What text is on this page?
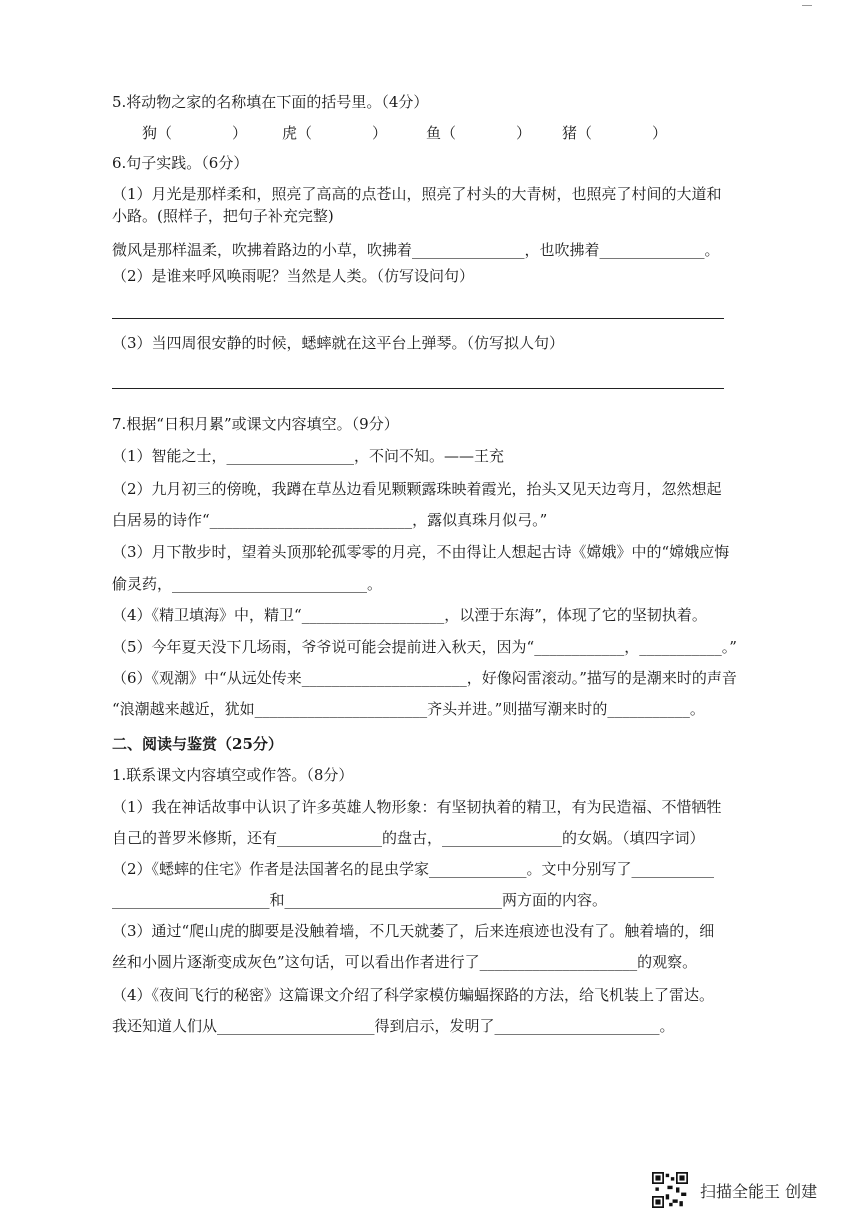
5.将动物之家的名称填在下面的括号里。（4分）
狗（　　　　） 虎（　　　　）	鱼（　　　　） 猪（　　　　）
6.句子实践。（6分）
（1）月光是那样柔和，照亮了高高的点苍山，照亮了村头的大青树，也照亮了村间的大道和
小路。(照样子，把句子补充完整)
微风是那样温柔，吹拂着路边的小草，吹拂着_______________，也吹拂着______________。
（2）是谁来呼风唤雨呢？当然是人类。（仿写设问句）
（3）当四周很安静的时候，蟋蟀就在这平台上弹琴。（仿写拟人句）
7.根据“日积月累”或课文内容填空。（9分）
（1）智能之士，_________________，不问不知。——王充
（2）九月初三的傍晚，我蹲在草丛边看见颗颗露珠映着霞光，抬头又见天边弯月，忽然想起
白居易的诗作“___________________________，露似真珠月似弓。”
（3）月下散步时，望着头顶那轮孤零零的月亮，不由得让人想起古诗《嫦娥》中的“嫦娥应悔
偷灵药，__________________________。
（4）《精卫填海》中，精卫“___________________，以湮于东海”，体现了它的坚韧执着。
（5）今年夏天没下几场雨，爷爷说可能会提前进入秋天，因为“____________，___________。”
（6）《观潮》中“从远处传来______________________，好像闷雷滚动。”描写的是潮来时的声音
“浪潮越来越近，犹如_______________________齐头并进。”则描写潮来时的___________。
二、阅读与鉴赏（25分）
1.联系课文内容填空或作答。（8分）
（1）我在神话故事中认识了许多英雄人物形象：有坚韧执着的精卫，有为民造福、不惜牺牲
自己的普罗米修斯，还有______________的盘古，________________的女娲。（填四字词）
（2）《蟋蟀的住宅》作者是法国著名的昆虫学家_____________。文中分别写了___________
_____________________和_____________________________两方面的内容。
（3）通过“爬山虎的脚要是没触着墙，不几天就萎了，后来连痕迹也没有了。触着墙的，细
丝和小圆片逐渐变成灰色”这句话，可以看出作者进行了_____________________的观察。
（4）《夜间飞行的秘密》这篇课文介绍了科学家模仿蝙蝠探路的方法，给飞机装上了雷达。
我还知道人们从_____________________得到启示，发明了______________________。
扫描全能王 创建
